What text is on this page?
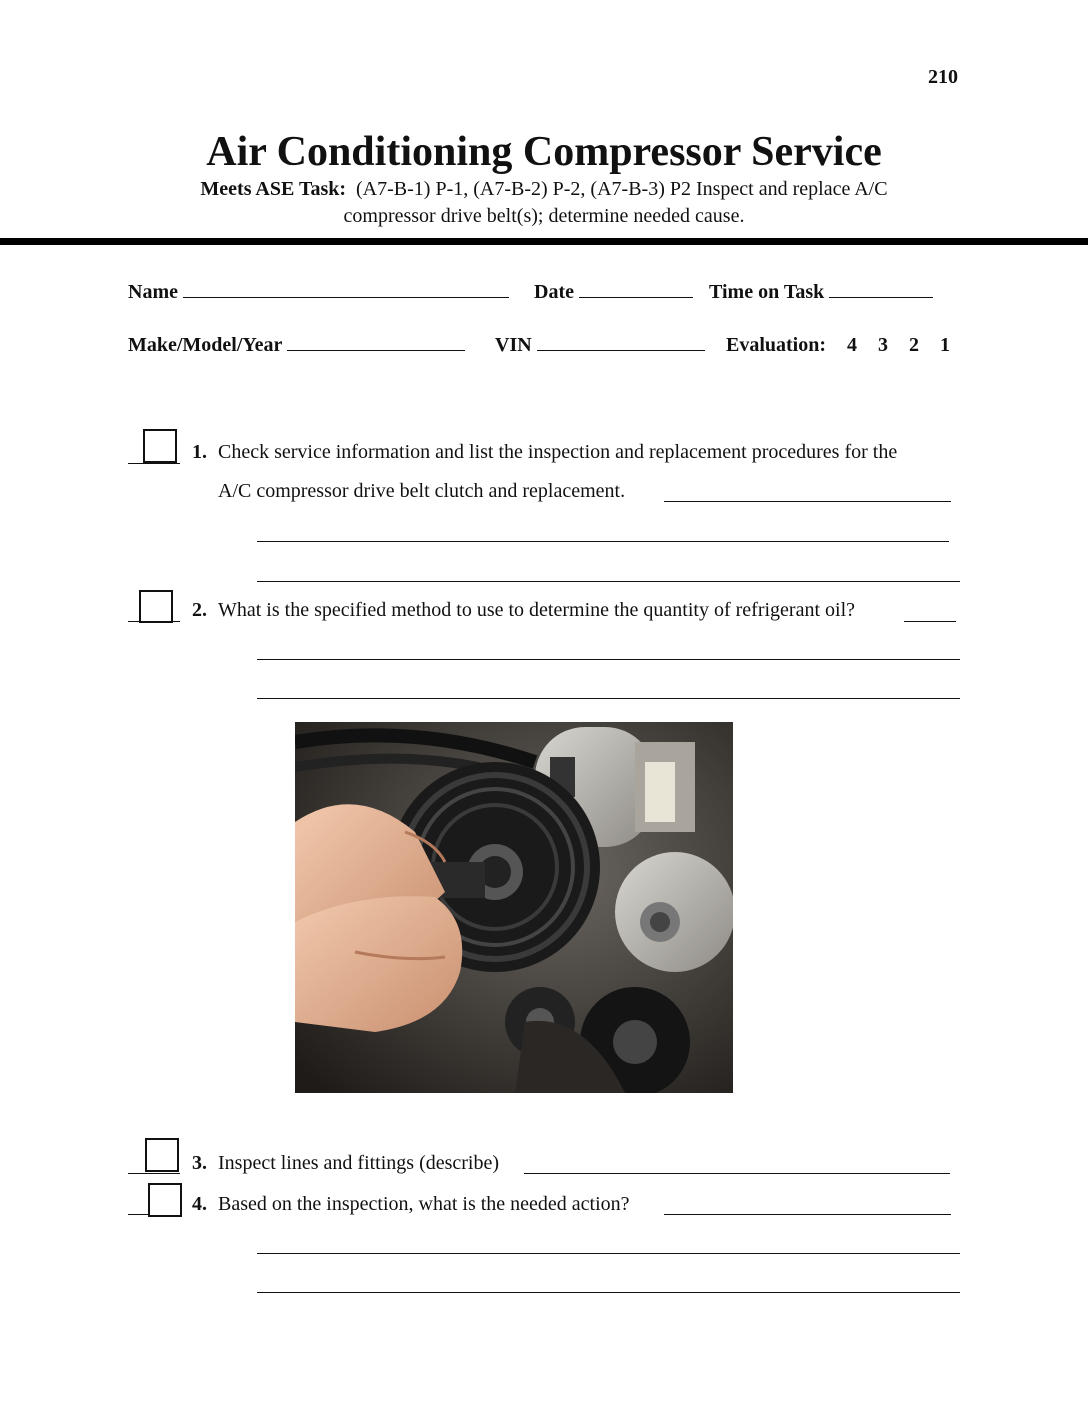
210
Air Conditioning Compressor Service
Meets ASE Task: (A7-B-1) P-1, (A7-B-2) P-2, (A7-B-3) P2 Inspect and replace A/C
compressor drive belt(s); determine needed cause.
Name	Date	Time on Task
Make/Model/Year	VIN	Evaluation: 4 3 2 1
1. Check service information and list the inspection and replacement procedures for the
A/C compressor drive belt clutch and replacement.
2. What is the specified method to use to determine the quantity of refrigerant oil?
3. Inspect lines and fittings (describe)
4. Based on the inspection, what is the needed action?
